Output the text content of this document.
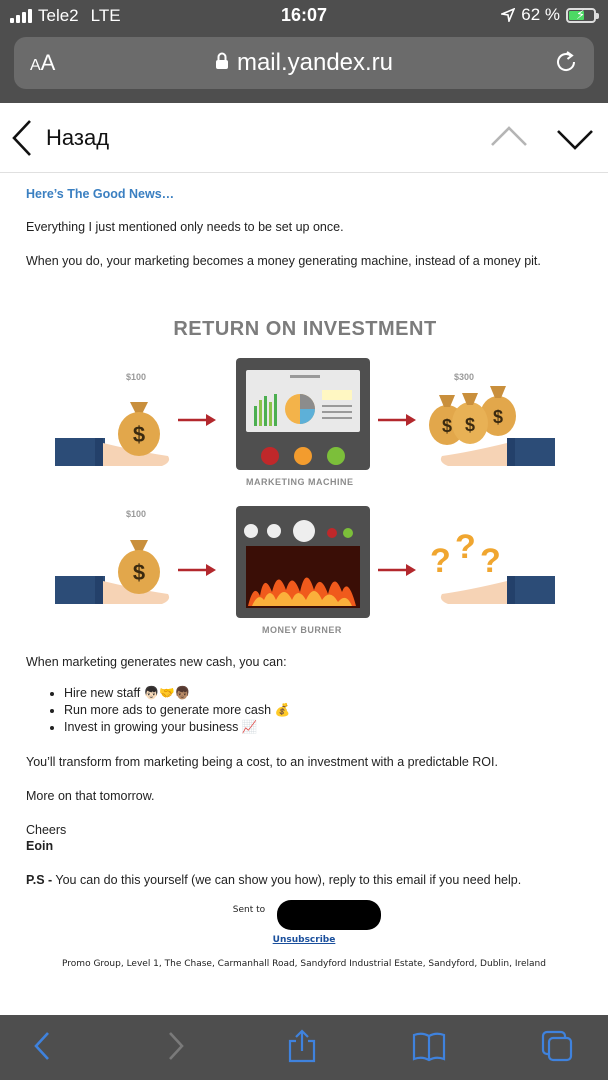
Tele2 LTE	16:07	62 % ⚡
AA	mail.yandex.ru
Назад
Here’s The Good News…
Everything I just mentioned only needs to be set up once.
When you do, your marketing becomes a money generating machine, instead of a money pit.
$
$
$ $
$	? ? ?
RETURN ON INVESTMENT
$100	$300
MARKETING MACHINE
$100
MONEY BURNER
When marketing generates new cash, you can:
• Hire new staff 👦🏻🤝👦🏽
• Run more ads to generate more cash 💰
• Invest in growing your business 📈
You’ll transform from marketing being a cost, to an investment with a predictable ROI.
More on that tomorrow.
Cheers
Eoin
P.S - You can do this yourself (we can show you how), reply to this email if you need help.
Sent to
Unsubscribe
Promo Group, Level 1, The Chase, Carmanhall Road, Sandyford Industrial Estate, Sandyford, Dublin, Ireland
